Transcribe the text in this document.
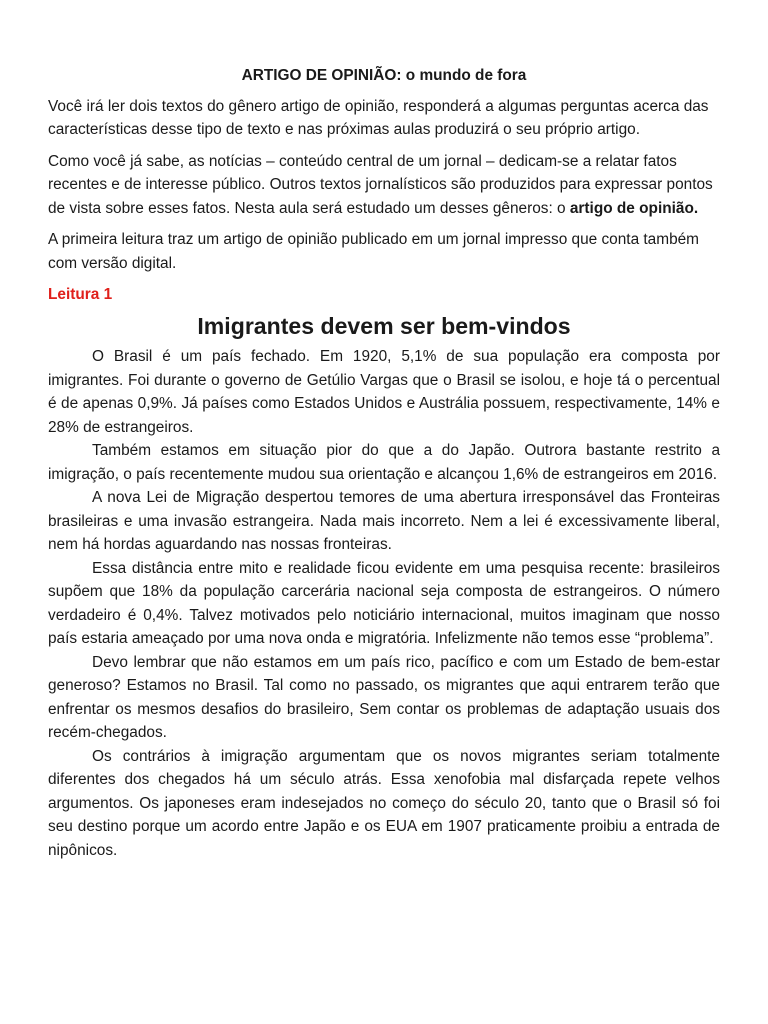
ARTIGO DE OPINIÃO: o mundo de fora

Você irá ler dois textos do gênero artigo de opinião, responderá a algumas perguntas acerca das características desse tipo de texto e nas próximas aulas produzirá o seu próprio artigo.

Como você já sabe, as notícias – conteúdo central de um jornal – dedicam-se a relatar fatos recentes e de interesse público. Outros textos jornalísticos são produzidos para expressar pontos de vista sobre esses fatos. Nesta aula será estudado um desses gêneros: o artigo de opinião.

A primeira leitura traz um artigo de opinião publicado em um jornal impresso que conta também com versão digital.

Leitura 1
Imigrantes devem ser bem-vindos

O Brasil é um país fechado. Em 1920, 5,1% de sua população era composta por imigrantes. Foi durante o governo de Getúlio Vargas que o Brasil se isolou, e hoje tá o percentual é de apenas 0,9%. Já países como Estados Unidos e Austrália possuem, respectivamente, 14% e 28% de estrangeiros.

Também estamos em situação pior do que a do Japão. Outrora bastante restrito a imigração, o país recentemente mudou sua orientação e alcançou 1,6% de estrangeiros em 2016.

A nova Lei de Migração despertou temores de uma abertura irresponsável das Fronteiras brasileiras e uma invasão estrangeira. Nada mais incorreto. Nem a lei é excessivamente liberal, nem há hordas aguardando nas nossas fronteiras.

Essa distância entre mito e realidade ficou evidente em uma pesquisa recente: brasileiros supõem que 18% da população carcerária nacional seja composta de estrangeiros. O número verdadeiro é 0,4%. Talvez motivados pelo noticiário internacional, muitos imaginam que nosso país estaria ameaçado por uma nova onda e migratória. Infelizmente não temos esse “problema”.

Devo lembrar que não estamos em um país rico, pacífico e com um Estado de bem-estar generoso? Estamos no Brasil. Tal como no passado, os migrantes que aqui entrarem terão que enfrentar os mesmos desafios do brasileiro, Sem contar os problemas de adaptação usuais dos recém-chegados.

Os contrários à imigração argumentam que os novos migrantes seriam totalmente diferentes dos chegados há um século atrás. Essa xenofobia mal disfarçada repete velhos argumentos. Os japoneses eram indesejados no começo do século 20, tanto que o Brasil só foi seu destino porque um acordo entre Japão e os EUA em 1907 praticamente proibiu a entrada de nipônicos.
